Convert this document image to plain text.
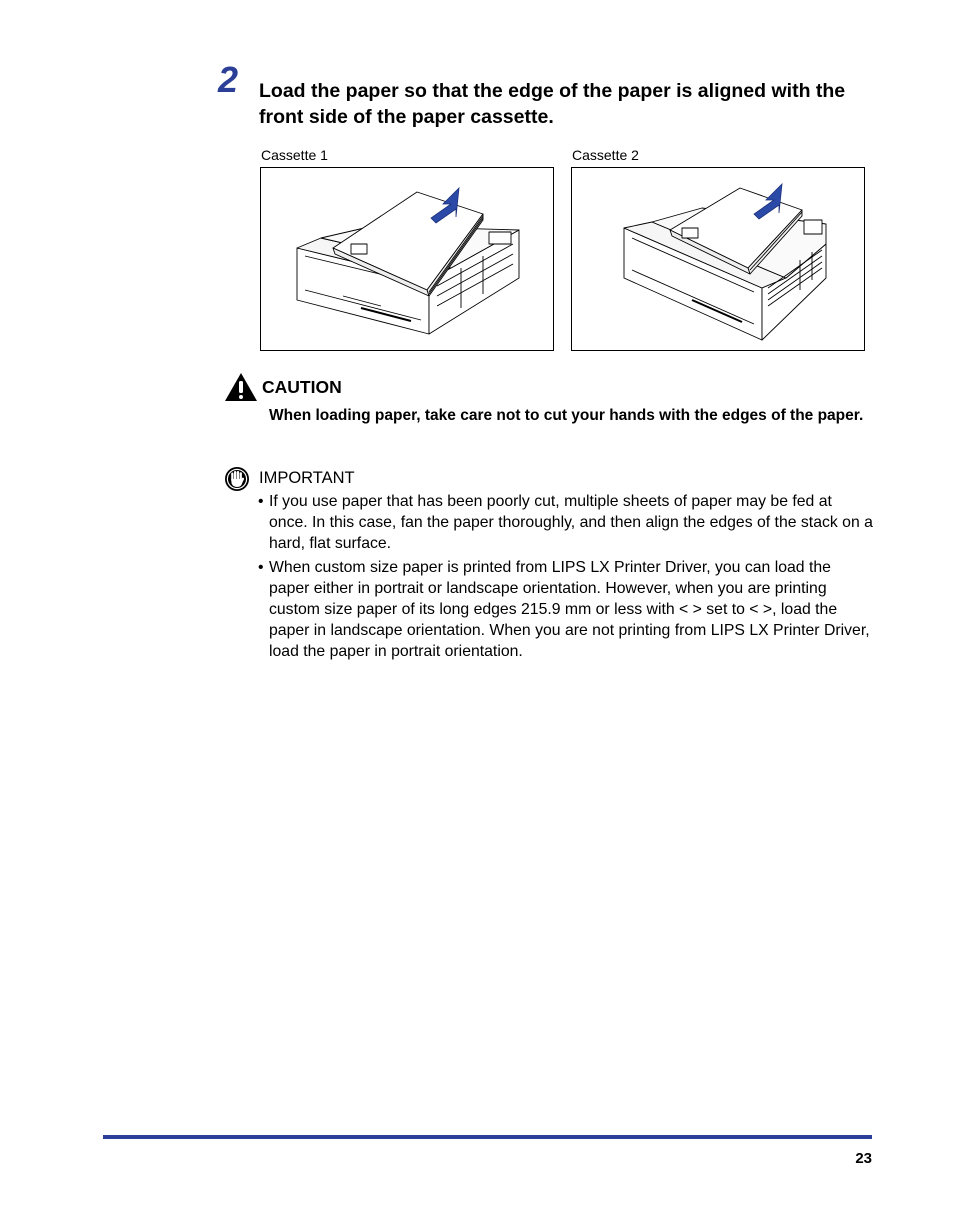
2 Load the paper so that the edge of the paper is aligned with the front side of the paper cassette.
Cassette 1	Cassette 2
CAUTION
When loading paper, take care not to cut your hands with the edges of the paper.
IMPORTANT
• If you use paper that has been poorly cut, multiple sheets of paper may be fed at once. In this case, fan the paper thoroughly, and then align the edges of the stack on a hard, flat surface.
• When custom size paper is printed from LIPS LX Printer Driver, you can load the paper either in portrait or landscape orientation. However, when you are printing custom size paper of its long edges 215.9 mm or less with < > set to < >, load the paper in landscape orientation. When you are not printing from LIPS LX Printer Driver, load the paper in portrait orientation.
23
